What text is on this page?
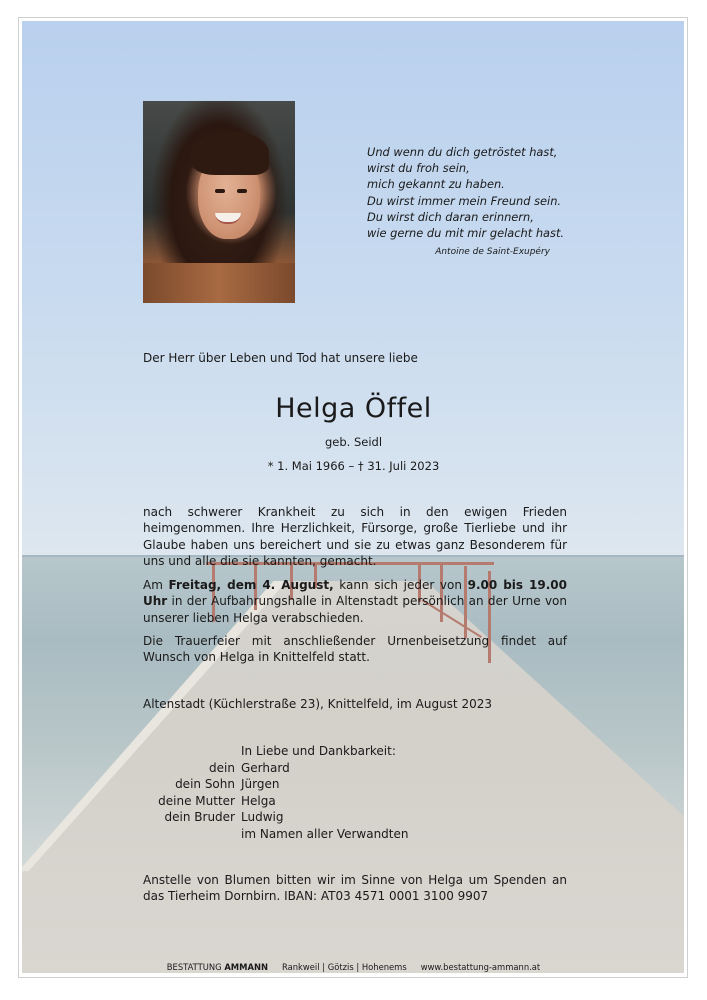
Und wenn du dich getröstet hast,
wirst du froh sein,
mich gekannt zu haben.
Du wirst immer mein Freund sein.
Du wirst dich daran erinnern,
wie gerne du mit mir gelacht hast.
Antoine de Saint-Exupéry
Der Herr über Leben und Tod hat unsere liebe
Helga Öffel
geb. Seidl
* 1. Mai 1966 – † 31. Juli 2023
nach schwerer Krankheit zu sich in den ewigen Frieden heimgenommen. Ihre Herzlichkeit, Fürsorge, große Tierliebe und ihr Glaube haben uns bereichert und sie zu etwas ganz Besonderem für uns und alle die sie kannten, gemacht.
Am Freitag, dem 4. August, kann sich jeder von 9.00 bis 19.00 Uhr in der Aufbahrungshalle in Altenstadt persönlich an der Urne von unserer lieben Helga verabschieden.
Die Trauerfeier mit anschließender Urnenbeisetzung findet auf Wunsch von Helga in Knittelfeld statt.
Altenstadt (Küchlerstraße 23), Knittelfeld, im August 2023
In Liebe und Dankbarkeit:
dein Gerhard
dein Sohn Jürgen
deine Mutter Helga
dein Bruder Ludwig
im Namen aller Verwandten
Anstelle von Blumen bitten wir im Sinne von Helga um Spenden an das Tierheim Dornbirn. IBAN: AT03 4571 0001 3100 9907
BESTATTUNG AMMANN Rankweil | Götzis | Hohenems www.bestattung-ammann.at
